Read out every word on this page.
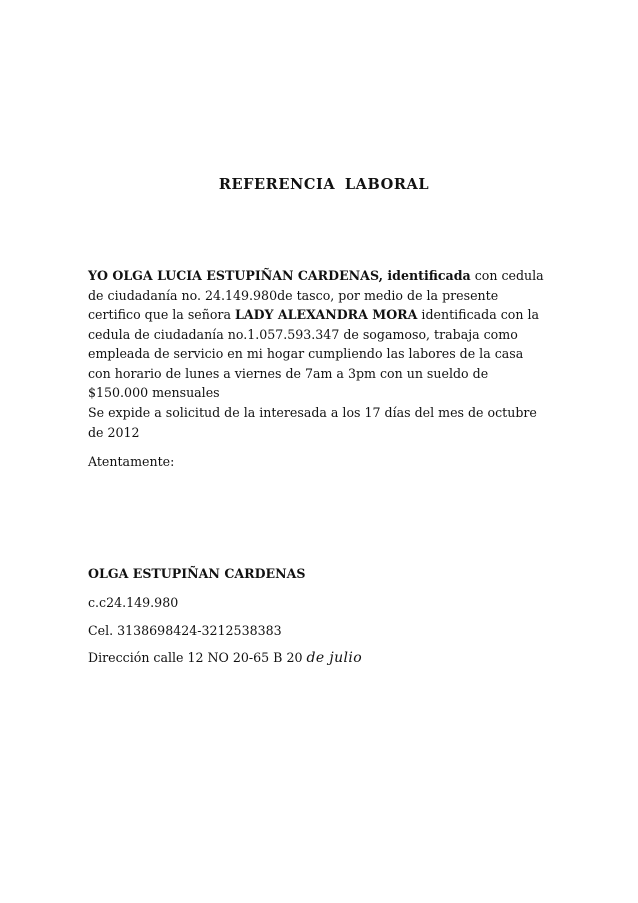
REFERENCIA LABORAL
YO OLGA LUCIA ESTUPIÑAN CARDENAS, identificada con cedula
de ciudadanía no. 24.149.980de tasco, por medio de la presente
certifico que la señora LADY ALEXANDRA MORA identificada con la
cedula de ciudadanía no.1.057.593.347 de sogamoso, trabaja como
empleada de servicio en mi hogar cumpliendo las labores de la casa
con horario de lunes a viernes de 7am a 3pm con un sueldo de
$150.000 mensuales
Se expide a solicitud de la interesada a los 17 días del mes de octubre
de 2012
Atentamente:
OLGA ESTUPIÑAN CARDENAS
c.c24.149.980
Cel. 3138698424-3212538383
Dirección calle 12 NO 20-65 B 20 de julio
